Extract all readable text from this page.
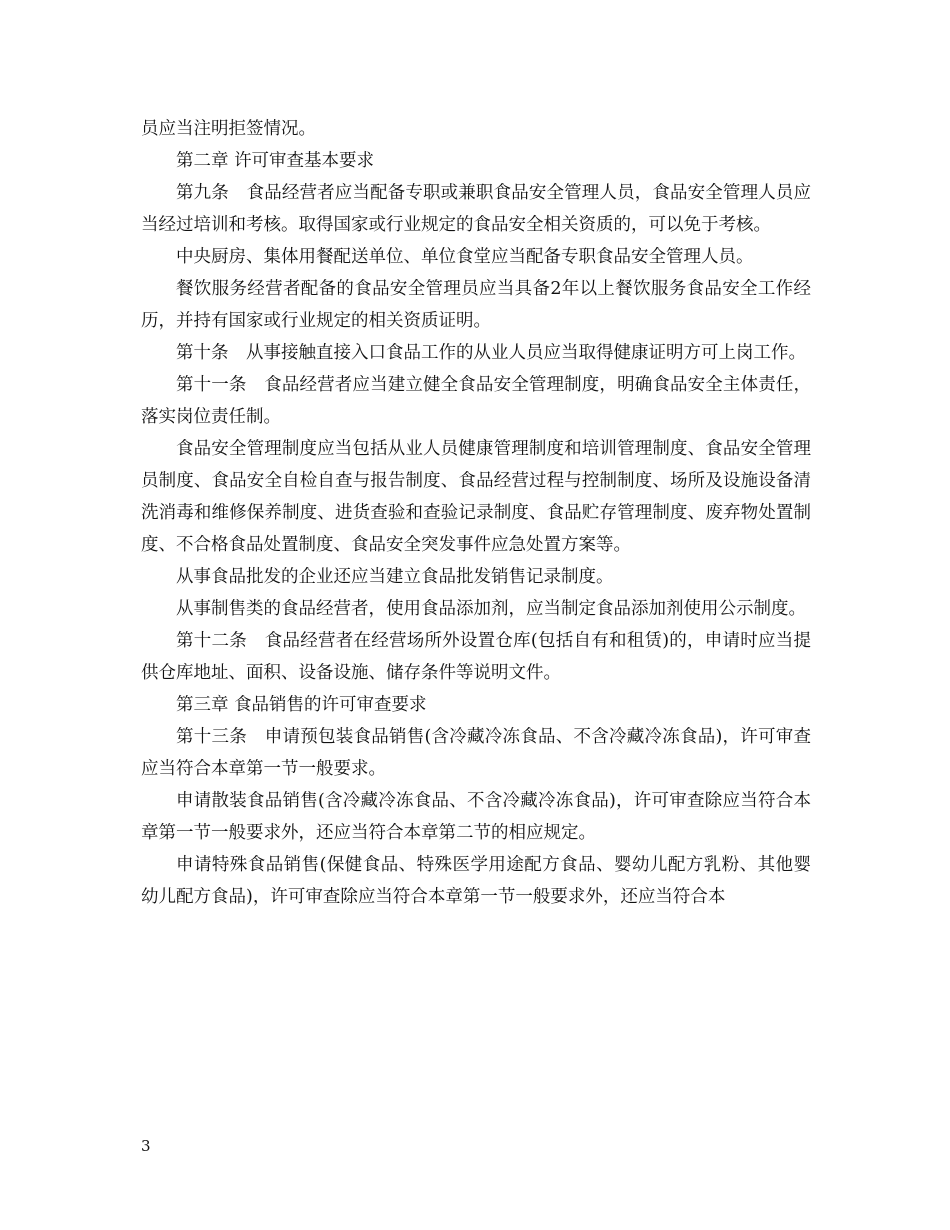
员应当注明拒签情况。

第二章 许可审查基本要求

第九条　食品经营者应当配备专职或兼职食品安全管理人员，食品安全管理人员应当经过培训和考核。取得国家或行业规定的食品安全相关资质的，可以免于考核。

中央厨房、集体用餐配送单位、单位食堂应当配备专职食品安全管理人员。

餐饮服务经营者配备的食品安全管理员应当具备2年以上餐饮服务食品安全工作经历，并持有国家或行业规定的相关资质证明。

第十条　从事接触直接入口食品工作的从业人员应当取得健康证明方可上岗工作。

第十一条　食品经营者应当建立健全食品安全管理制度，明确食品安全主体责任，落实岗位责任制。

食品安全管理制度应当包括从业人员健康管理制度和培训管理制度、食品安全管理员制度、食品安全自检自查与报告制度、食品经营过程与控制制度、场所及设施设备清洗消毒和维修保养制度、进货查验和查验记录制度、食品贮存管理制度、废弃物处置制度、不合格食品处置制度、食品安全突发事件应急处置方案等。

从事食品批发的企业还应当建立食品批发销售记录制度。

从事制售类的食品经营者，使用食品添加剂，应当制定食品添加剂使用公示制度。

第十二条　食品经营者在经营场所外设置仓库(包括自有和租赁)的，申请时应当提供仓库地址、面积、设备设施、储存条件等说明文件。

第三章 食品销售的许可审查要求

第十三条　申请预包装食品销售(含冷藏冷冻食品、不含冷藏冷冻食品)，许可审查应当符合本章第一节一般要求。

申请散装食品销售(含冷藏冷冻食品、不含冷藏冷冻食品)，许可审查除应当符合本章第一节一般要求外，还应当符合本章第二节的相应规定。

申请特殊食品销售(保健食品、特殊医学用途配方食品、婴幼儿配方乳粉、其他婴幼儿配方食品)，许可审查除应当符合本章第一节一般要求外，还应当符合本

3
